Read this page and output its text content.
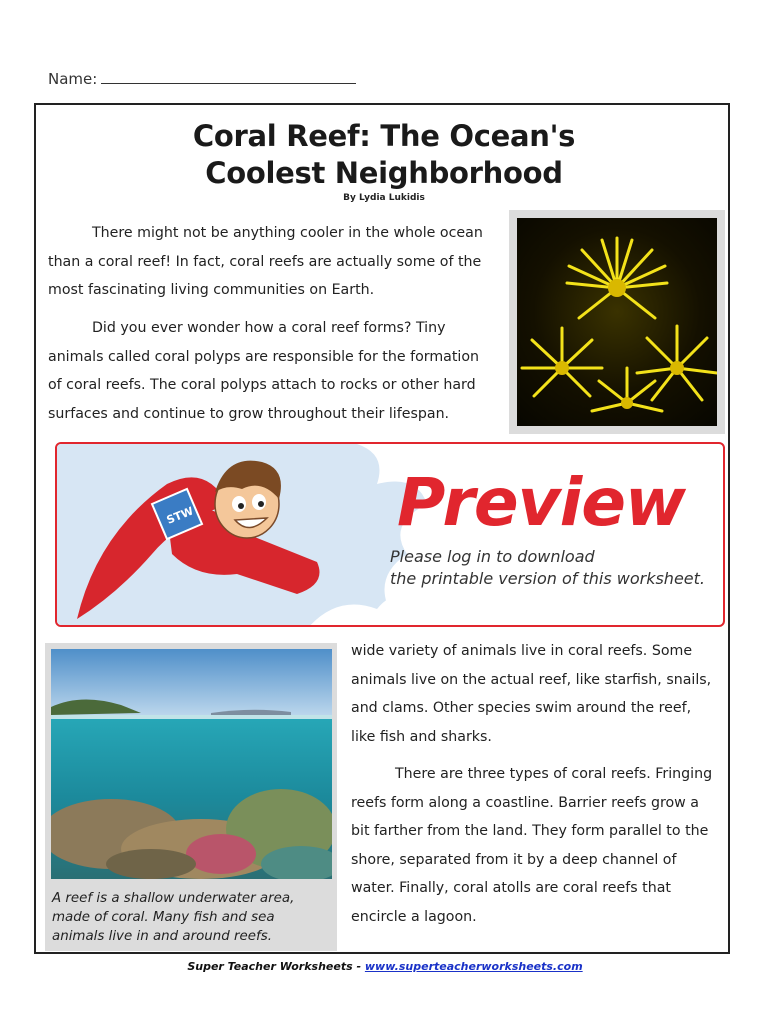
Name:
Coral Reef: The Ocean's
Coolest Neighborhood
By Lydia Lukidis
There might not be anything cooler in the whole ocean
than a coral reef! In fact, coral reefs are actually some of the
most fascinating living communities on Earth.
Did you ever wonder how a coral reef forms? Tiny
animals called coral polyps are responsible for the formation
of coral reefs. The coral polyps attach to rocks or other hard
surfaces and continue to grow throughout their lifespan.
A reef is a shallow underwater area,
made of coral. Many fish and sea
animals live in and around reefs.
wide variety of animals live in coral reefs. Some
animals live on the actual reef, like starfish, snails,
and clams. Other species swim around the reef,
like fish and sharks.
There are three types of coral reefs. Fringing
reefs form along a coastline. Barrier reefs grow a
bit farther from the land. They form parallel to the
shore, separated from it by a deep channel of
water. Finally, coral atolls are coral reefs that
encircle a lagoon.
STW	Preview
Please log in to download
the printable version of this worksheet.
Super Teacher Worksheets - www.superteacherworksheets.com
